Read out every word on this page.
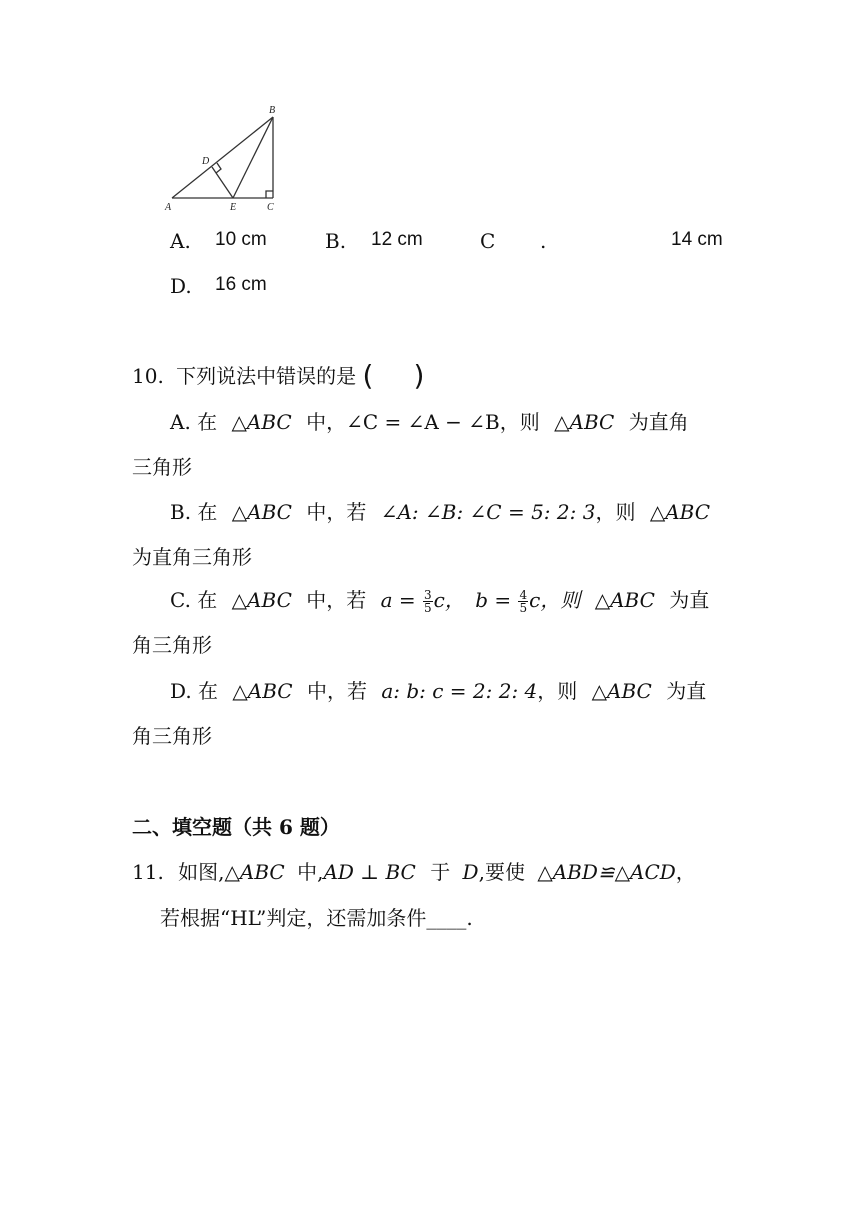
B
D
A	E	C
A. 10 cm	B. 12 cm	C .	14 cm
D. 16 cm
10. 下列说法中错误的是 ( )
A. 在 △ABC 中，∠C = ∠A − ∠B，则 △ABC 为直角
三角形
B. 在 △ABC 中，若 ∠A: ∠B: ∠C = 5: 2: 3，则 △ABC
为直角三角形
C. 在 △ABC 中，若 $a = \frac{3}{5}$ c， $b = \frac{4}{5}$ c，则 △ABC 为直
角三角形
D. 在 △ABC 中，若 a: b: c = 2: 2: 4，则 △ABC 为直
角三角形
二、填空题（共 6 题）
11. 如图,△ABC 中,AD ⊥ BC 于 D,要使 △ABD≌△ACD，
若根据“HL”判定，还需加条件____.
